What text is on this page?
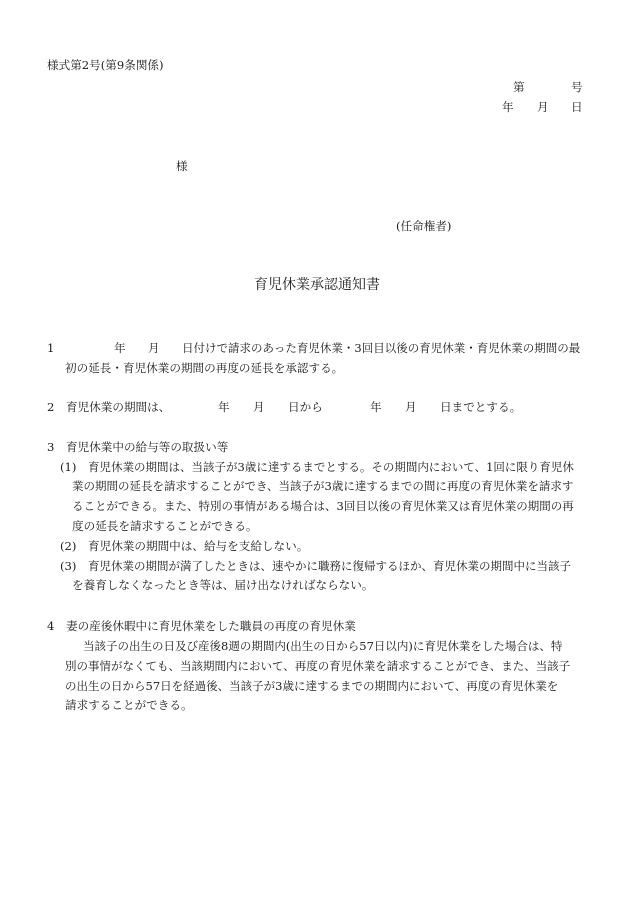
様式第2号(第9条関係)
第	号
年 月 日
様
(任命権者)
育児休業承認通知書
1	年 月 日付けで請求のあった育児休業・3回目以後の育児休業・育児休業の期間の最
初の延長・育児休業の期間の再度の延長を承認する。
2　育児休業の期間は、	年 月 日から	年 月 日までとする。
3　育児休業中の給与等の取扱い等
(1) 育児休業の期間は、当該子が3歳に達するまでとする。その期間内において、1回に限り育児休
業の期間の延長を請求することができ、当該子が3歳に達するまでの間に再度の育児休業を請求す
ることができる。また、特別の事情がある場合は、3回目以後の育児休業又は育児休業の期間の再
度の延長を請求することができる。
(2) 育児休業の期間中は、給与を支給しない。
(3) 育児休業の期間が満了したときは、速やかに職務に復帰するほか、育児休業の期間中に当該子
を養育しなくなったとき等は、届け出なければならない。
4　妻の産後休暇中に育児休業をした職員の再度の育児休業
当該子の出生の日及び産後8週の期間内(出生の日から57日以内)に育児休業をした場合は、特
別の事情がなくても、当該期間内において、再度の育児休業を請求することができ、また、当該子
の出生の日から57日を経過後、当該子が3歳に達するまでの期間内において、再度の育児休業を
請求することができる。
